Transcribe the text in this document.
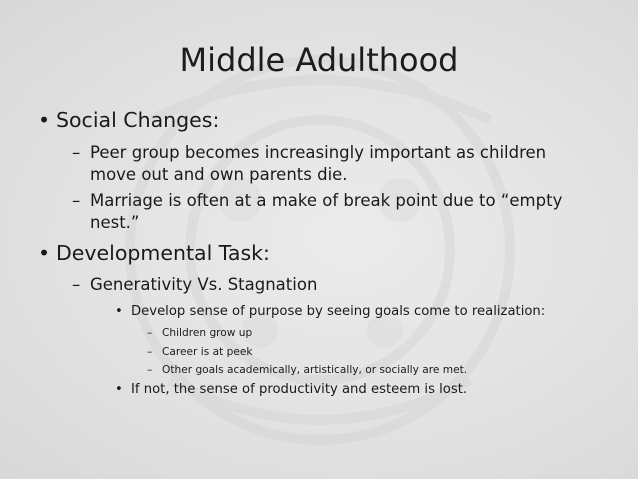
Middle Adulthood
• Social Changes:
– Peer group becomes increasingly important as children
move out and own parents die.
– Marriage is often at a make of break point due to “empty
nest.”
• Developmental Task:
– Generativity Vs. Stagnation
• Develop sense of purpose by seeing goals come to realization:
– Children grow up
– Career is at peek
– Other goals academically, artistically, or socially are met.
• If not, the sense of productivity and esteem is lost.
